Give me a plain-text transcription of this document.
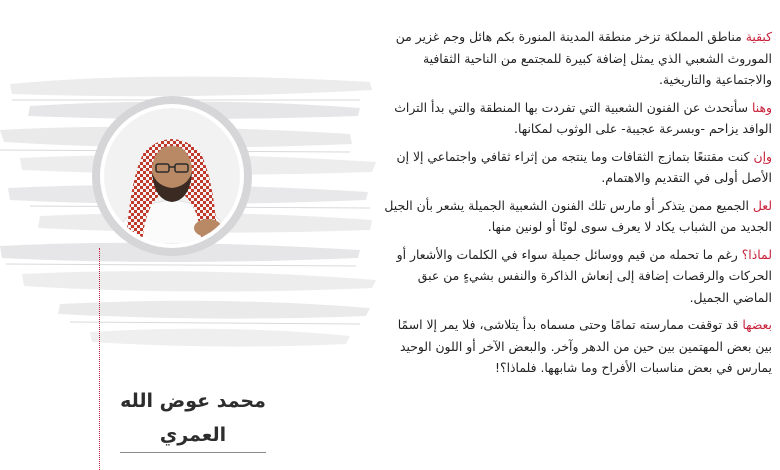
محمد عوض الله
العمري

كبقية مناطق المملكة تزخر منطقة المدينة المنورة بكم هائل وجم غزير من الموروث الشعبي الذي يمثل إضافة كبيرة للمجتمع من الناحية الثقافية والاجتماعية والتاريخية.

وهنا سأتحدث عن الفنون الشعبية التي تفردت بها المنطقة والتي بدأ التراث الوافد يزاحم -وبسرعة عجيبة- على الوثوب لمكانها.

وإن كنت مقتنعًا بتمازج الثقافات وما ينتجه من إثراء ثقافي واجتماعي إلا إن الأصل أولى في التقديم والاهتمام.

لعل الجميع ممن يتذكر أو مارس تلك الفنون الشعبية الجميلة يشعر بأن الجيل الجديد من الشباب يكاد لا يعرف سوى لونًا أو لونين منها.

لماذا؟ رغم ما تحمله من قيم ووسائل جميلة سواء في الكلمات والأشعار أو الحركات والرقصات إضافة إلى إنعاش الذاكرة والنفس بشيءٍ من عبق الماضي الجميل.

بعضها قد توقفت ممارسته تمامًا وحتى مسماه بدأ يتلاشى، فلا يمر إلا اسمًا بين بعض المهتمين بين حين من الدهر وآخر. والبعض الآخر أو اللون الوحيد يمارس في بعض مناسبات الأفراح وما شابهها. فلماذا؟!
